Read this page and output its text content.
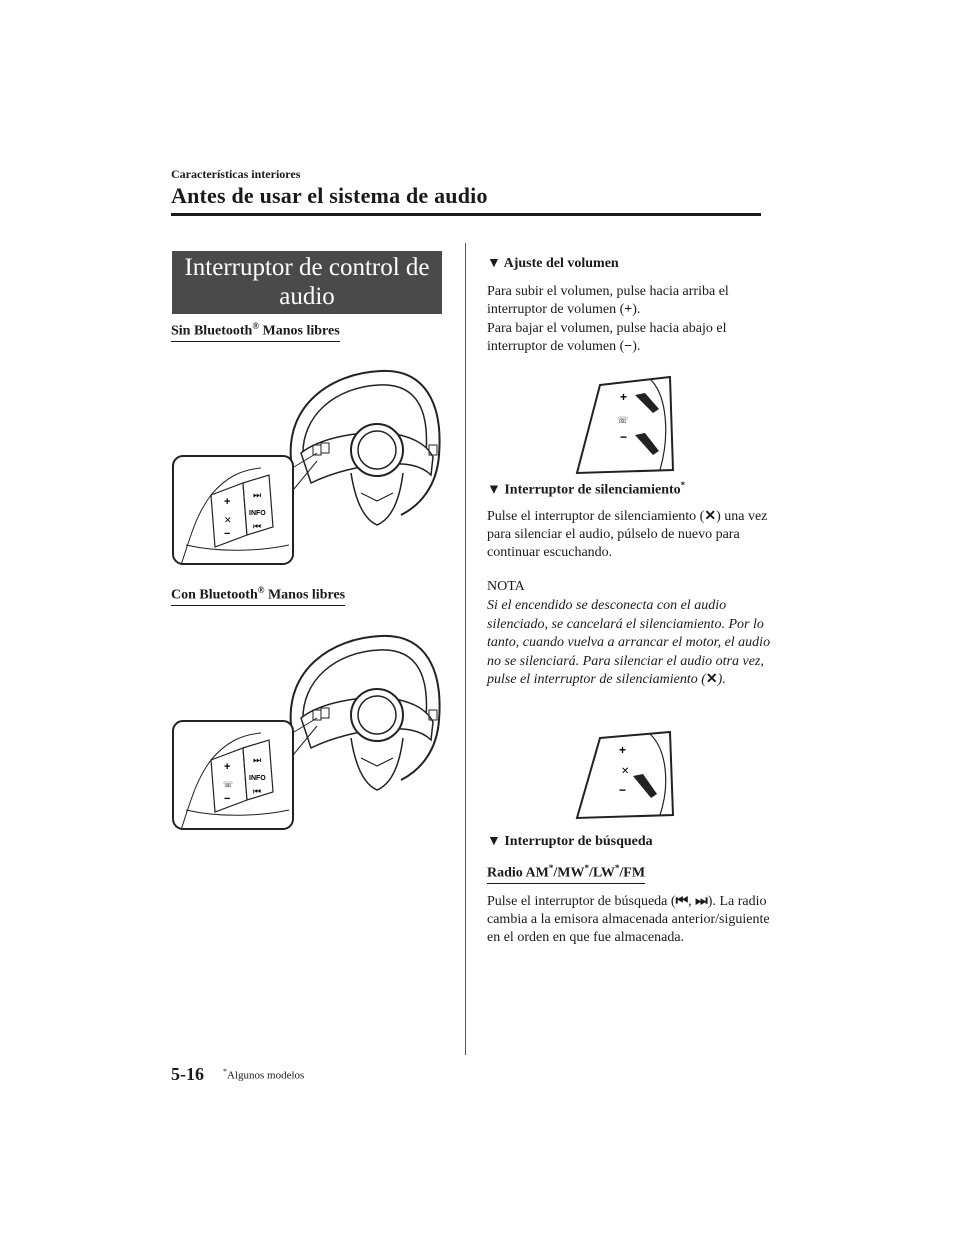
Características interiores
Antes de usar el sistema de audio
Interruptor de control de audio
Sin Bluetooth® Manos libres
+
✕
−
⏭
INFO
⏮
Con Bluetooth® Manos libres
+
☏
−
⏭
INFO
⏮
▼ Ajuste del volumen
Para subir el volumen, pulse hacia arriba el interruptor de volumen (+).
Para bajar el volumen, pulse hacia abajo el interruptor de volumen (−).
+
☏
−
▼ Interruptor de silenciamiento*
Pulse el interruptor de silenciamiento (✕) una vez para silenciar el audio, púlselo de nuevo para continuar escuchando.
NOTA
Si el encendido se desconecta con el audio silenciado, se cancelará el silenciamiento. Por lo tanto, cuando vuelva a arrancar el motor, el audio no se silenciará. Para silenciar el audio otra vez, pulse el interruptor de silenciamiento (✕).
+
✕
−
▼ Interruptor de búsqueda
Radio AM*/MW*/LW*/FM
Pulse el interruptor de búsqueda (⏮, ⏭). La radio cambia a la emisora almacenada anterior/siguiente en el orden en que fue almacenada.
5-16 *Algunos modelos
